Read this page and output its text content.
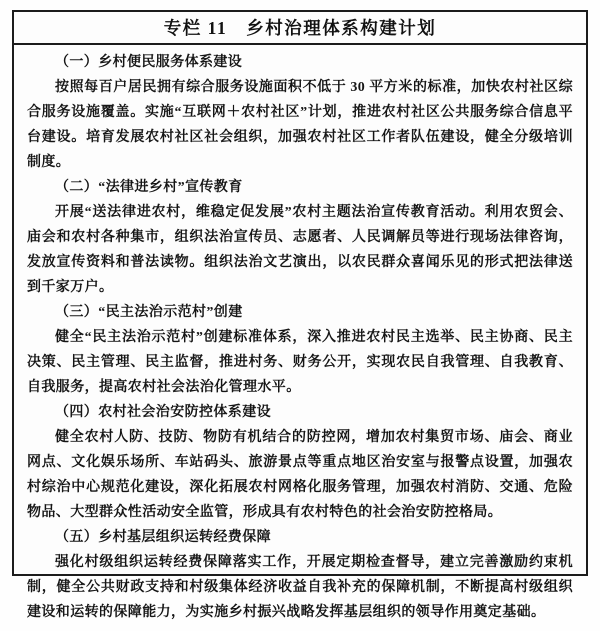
专栏 11　乡村治理体系构建计划

（一）乡村便民服务体系建设

按照每百户居民拥有综合服务设施面积不低于 30 平方米的标准，加快农村社区综合服务设施覆盖。实施“互联网＋农村社区”计划，推进农村社区公共服务综合信息平台建设。培育发展农村社区社会组织，加强农村社区工作者队伍建设，健全分级培训制度。

（二）“法律进乡村”宣传教育

开展“送法律进农村，维稳定促发展”农村主题法治宣传教育活动。利用农贸会、庙会和农村各种集市，组织法治宣传员、志愿者、人民调解员等进行现场法律咨询，发放宣传资料和普法读物。组织法治文艺演出，以农民群众喜闻乐见的形式把法律送到千家万户。

（三）“民主法治示范村”创建

健全“民主法治示范村”创建标准体系，深入推进农村民主选举、民主协商、民主决策、民主管理、民主监督，推进村务、财务公开，实现农民自我管理、自我教育、自我服务，提高农村社会法治化管理水平。

（四）农村社会治安防控体系建设

健全农村人防、技防、物防有机结合的防控网，增加农村集贸市场、庙会、商业网点、文化娱乐场所、车站码头、旅游景点等重点地区治安室与报警点设置，加强农村综治中心规范化建设，深化拓展农村网格化服务管理，加强农村消防、交通、危险物品、大型群众性活动安全监管，形成具有农村特色的社会治安防控格局。

（五）乡村基层组织运转经费保障

强化村级组织运转经费保障落实工作，开展定期检查督导，建立完善激励约束机制，健全公共财政支持和村级集体经济收益自我补充的保障机制，不断提高村级组织建设和运转的保障能力，为实施乡村振兴战略发挥基层组织的领导作用奠定基础。
